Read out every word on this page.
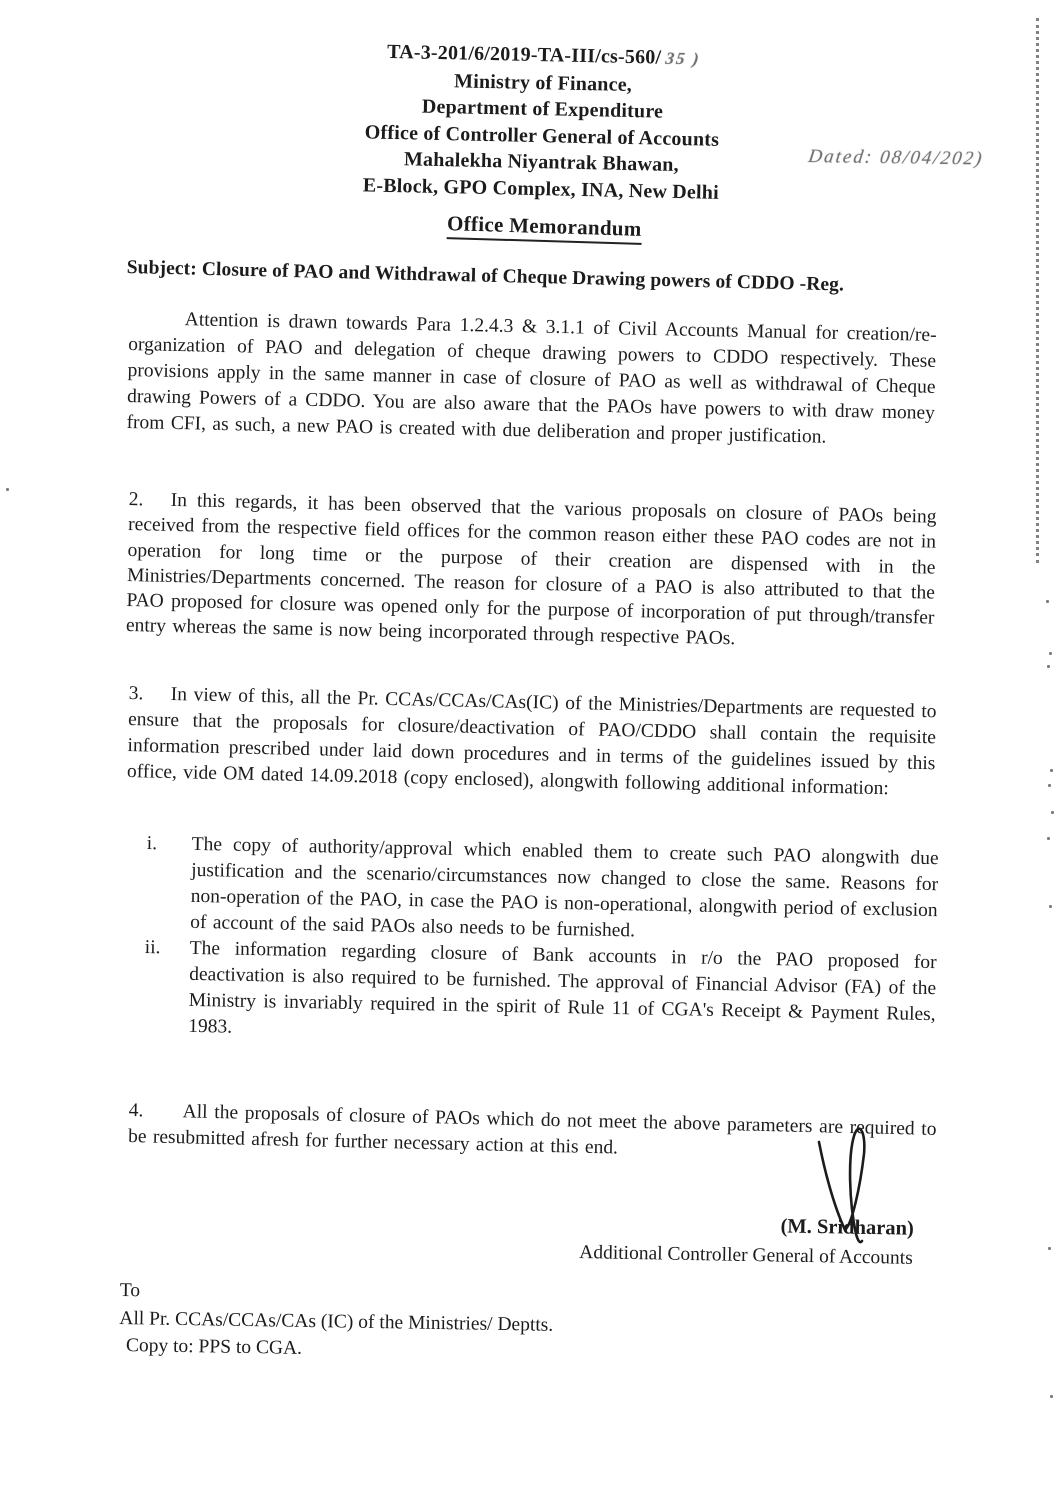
TA-3-201/6/2019-TA-III/cs-560/ 35 )
Ministry of Finance,
Department of Expenditure
Office of Controller General of Accounts
Mahalekha Niyantrak Bhawan,
E-Block, GPO Complex, INA, New Delhi
Dated: 08/04/202)
Office Memorandum
Subject: Closure of PAO and Withdrawal of Cheque Drawing powers of CDDO -Reg.

Attention is drawn towards Para 1.2.4.3 & 3.1.1 of Civil Accounts Manual for creation/re-organization of PAO and delegation of cheque drawing powers to CDDO respectively. These provisions apply in the same manner in case of closure of PAO as well as withdrawal of Cheque drawing Powers of a CDDO. You are also aware that the PAOs have powers to with draw money from CFI, as such, a new PAO is created with due deliberation and proper justification.

2. In this regards, it has been observed that the various proposals on closure of PAOs being received from the respective field offices for the common reason either these PAO codes are not in operation for long time or the purpose of their creation are dispensed with in the Ministries/Departments concerned. The reason for closure of a PAO is also attributed to that the PAO proposed for closure was opened only for the purpose of incorporation of put through/transfer entry whereas the same is now being incorporated through respective PAOs.

3. In view of this, all the Pr. CCAs/CCAs/CAs(IC) of the Ministries/Departments are requested to ensure that the proposals for closure/deactivation of PAO/CDDO shall contain the requisite information prescribed under laid down procedures and in terms of the guidelines issued by this office, vide OM dated 14.09.2018 (copy enclosed), alongwith following additional information:

i.	The copy of authority/approval which enabled them to create such PAO alongwith due justification and the scenario/circumstances now changed to close the same. Reasons for non-operation of the PAO, in case the PAO is non-operational, alongwith period of exclusion of account of the said PAOs also needs to be furnished.
ii.	The information regarding closure of Bank accounts in r/o the PAO proposed for deactivation is also required to be furnished. The approval of Financial Advisor (FA) of the Ministry is invariably required in the spirit of Rule 11 of CGA's Receipt & Payment Rules, 1983.

4. All the proposals of closure of PAOs which do not meet the above parameters are required to be resubmitted afresh for further necessary action at this end.

(M. Sridharan)
Additional Controller General of Accounts
To
All Pr. CCAs/CCAs/CAs (IC) of the Ministries/ Deptts.
Copy to: PPS to CGA.
